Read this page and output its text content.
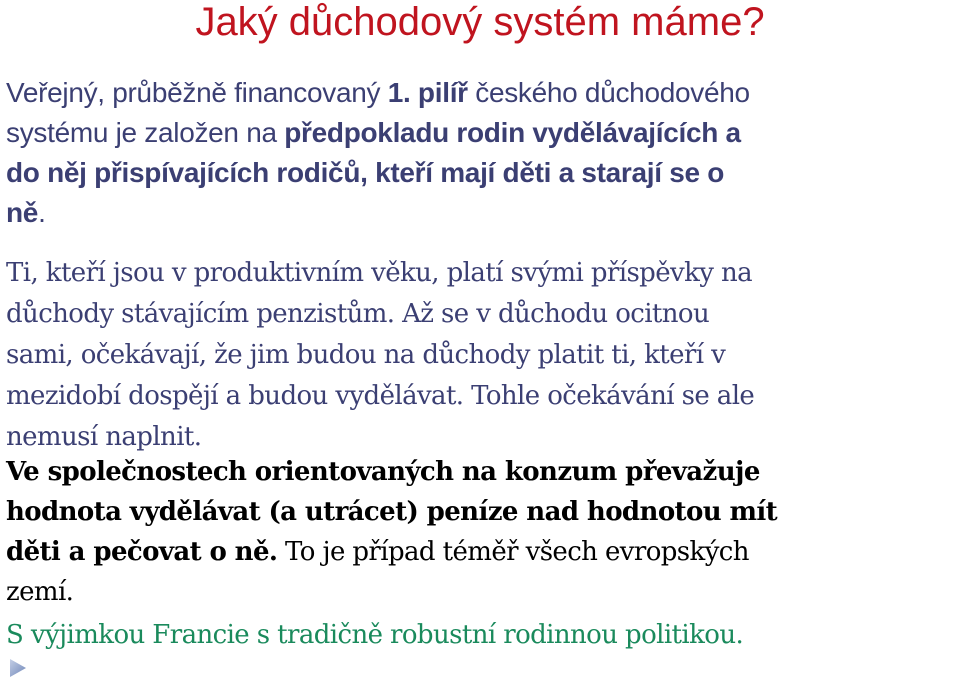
Jaký důchodový systém máme?

Veřejný, průběžně financovaný 1. pilíř českého důchodového
systému je založen na předpokladu rodin vydělávajících a
do něj přispívajících rodičů, kteří mají děti a starají se o
ně.

Ti, kteří jsou v produktivním věku, platí svými příspěvky na
důchody stávajícím penzistům. Až se v důchodu ocitnou
sami, očekávají, že jim budou na důchody platit ti, kteří v
mezidobí dospějí a budou vydělávat. Tohle očekávání se ale
nemusí naplnit.

Ve společnostech orientovaných na konzum převažuje
hodnota vydělávat (a utrácet) peníze nad hodnotou mít
děti a pečovat o ně. To je případ téměř všech evropských
zemí.

S výjimkou Francie s tradičně robustní rodinnou politikou.
